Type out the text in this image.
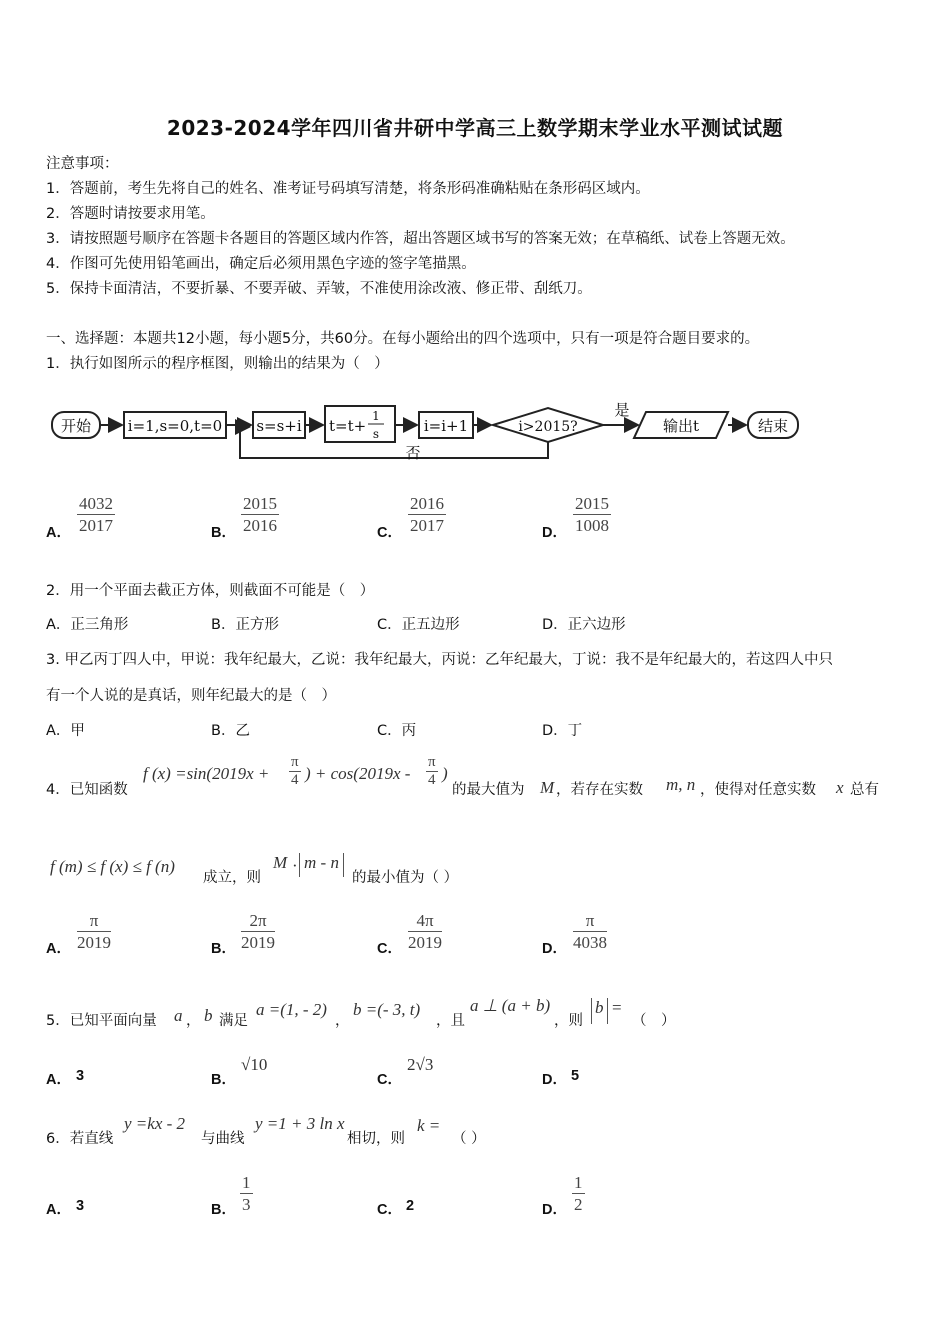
2023-2024学年四川省井研中学高三上数学期末学业水平测试试题
注意事项：
1．答题前，考生先将自己的姓名、准考证号码填写清楚，将条形码准确粘贴在条形码区域内。
2．答题时请按要求用笔。
3．请按照题号顺序在答题卡各题目的答题区域内作答，超出答题区域书写的答案无效；在草稿纸、试卷上答题无效。
4．作图可先使用铅笔画出，确定后必须用黑色字迹的签字笔描黑。
5．保持卡面清洁，不要折暴、不要弄破、弄皱，不准使用涂改液、修正带、刮纸刀。
一、选择题：本题共12小题，每小题5分，共60分。在每小题给出的四个选项中，只有一项是符合题目要求的。
1．执行如图所示的程序框图，则输出的结果为（　）
开始 i=1,s=0,t=0 s=s+i t=t+
1
s	i=i+1	i>2015?
是
否
输出t	结束
A． $\frac{4032}{2017}$	B． $\frac{2015}{2016}$	C． $\frac{2016}{2017}$	D． $\frac{2015}{1008}$
2．用一个平面去截正方体，则截面不可能是（　）
A．正三角形	B．正方形	C．正五边形	D．正六边形
3. 甲乙丙丁四人中，甲说：我年纪最大，乙说：我年纪最大，丙说：乙年纪最大，丁说：我不是年纪最大的，若这四人中只
有一个人说的是真话，则年纪最大的是（　）
A．甲	B．乙	C．丙	D．丁
4．已知函数
f $(x) =\sin(2019x + \frac{\pi}{4}$ ) + $\cos(2019x - \frac{\pi}{4}$ )
的最大值为 M ，若存在实数 m, n ，使得对任意实数 x 总有
f (m) ≤ f (x) ≤ f (n)
成立，则
M · m - n
的最小值为（ ）
A． $\frac{\pi}{2019}$	B． $\frac{2\pi}{2019}$	C． $\frac{4\pi}{2019}$	D． $\frac{\pi}{4038}$
5．已知平面向量 a ， b 满足
a =(1, - 2)
，
b =(- 3, t)
，且
a ⊥ (a + b)
，则
b =
（　）
A． 3	B．
√10
C．
2√3
D． 5
6．若直线
y =kx - 2
与曲线
y =1 + 3 ln x
相切，则
k =
（ ）
A． 3	B． $\frac{1}{3}$	C． 2	D． $\frac{1}{2}$
